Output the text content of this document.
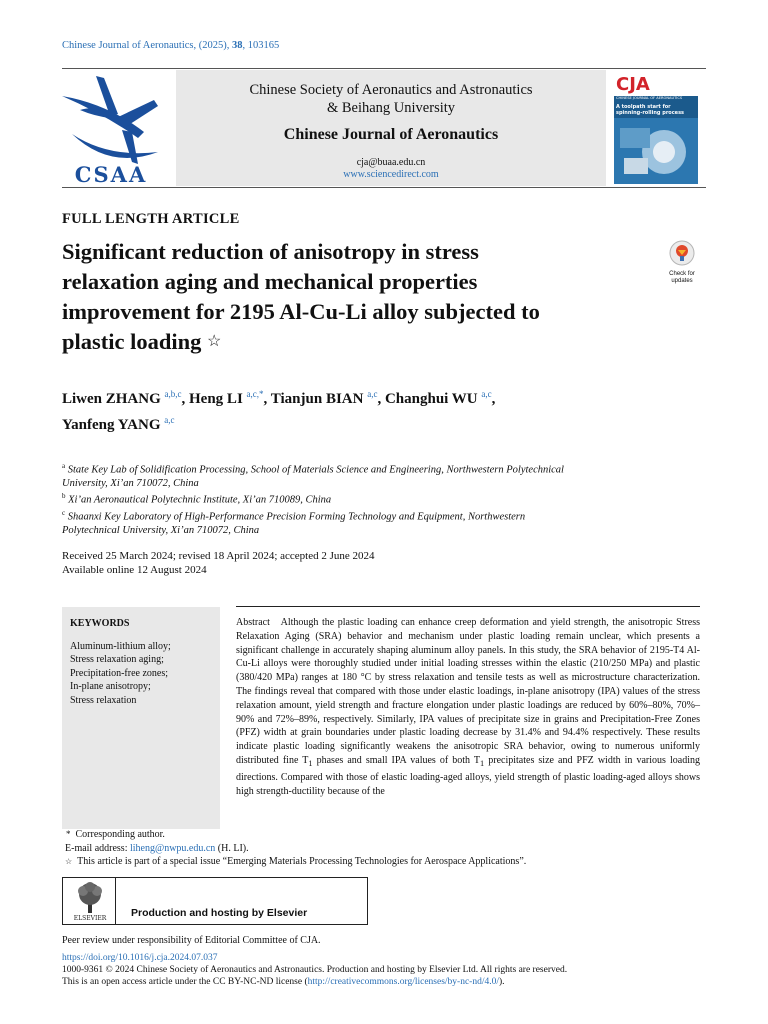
Chinese Journal of Aeronautics, (2025), 38, 103165
CSAA
Chinese Society of Aeronautics and Astronautics
& Beihang University
Chinese Journal of Aeronautics
cja@buaa.edu.cn
www.sciencedirect.com
CJA
CHINESE JOURNAL OF AERONAUTICS
A toolpath start for spinning-rolling process
FULL LENGTH ARTICLE
Significant reduction of anisotropy in stress
relaxation aging and mechanical properties
improvement for 2195 Al-Cu-Li alloy subjected to
plastic loading ☆
Check for
updates
Liwen ZHANG $^{a,b,c}$, Heng LI $^{a,c,*}$, Tianjun BIAN $^{a,c}$, Changhui WU $^{a,c}$,
Yanfeng YANG $^{a,c}$
$^a$ State Key Lab of Solidification Processing, School of Materials Science and Engineering, Northwestern Polytechnical
University, Xi’an 710072, China
$^b$ Xi’an Aeronautical Polytechnic Institute, Xi’an 710089, China
$^c$ Shaanxi Key Laboratory of High-Performance Precision Forming Technology and Equipment, Northwestern
Polytechnical University, Xi’an 710072, China
Received 25 March 2024; revised 18 April 2024; accepted 2 June 2024
Available online 12 August 2024
KEYWORDS
Aluminum-lithium alloy;
Stress relaxation aging;
Precipitation-free zones;
In-plane anisotropy;
Stress relaxation
Abstract Although the plastic loading can enhance creep deformation and yield strength, the anisotropic Stress Relaxation Aging (SRA) behavior and mechanism under plastic loading remain unclear, which presents a significant challenge in accurately shaping aluminum alloy panels. In this study, the SRA behavior of 2195-T4 Al-Cu-Li alloys were thoroughly studied under initial loading stresses within the elastic (210/250 MPa) and plastic (380/420 MPa) ranges at 180 °C by stress relaxation and tensile tests as well as microstructure characterization. The findings reveal that compared with those under elastic loadings, in-plane anisotropy (IPA) values of the stress relaxation amount, yield strength and fracture elongation under plastic loadings are reduced by 60%–80%, 70%–90% and 72%–89%, respectively. Similarly, IPA values of precipitate size in grains and Precipitation-Free Zones (PFZ) width at grain boundaries under plastic loading decrease by 31.4% and 94.4% respectively. These results indicate plastic loading significantly weakens the anisotropic SRA behavior, owing to numerous uniformly distributed fine $T_1$ phases and small IPA values of both $T_1$ precipitates size and PFZ width in various loading directions. Compared with those of elastic loading-aged alloys, yield strength of plastic loading-aged alloys shows high strength-ductility because of the
* Corresponding author.
E-mail address: liheng@nwpu.edu.cn (H. LI).
☆ This article is part of a special issue “Emerging Materials Processing Technologies for Aerospace Applications”.
ELSEVIER Production and hosting by Elsevier
Peer review under responsibility of Editorial Committee of CJA.
https://doi.org/10.1016/j.cja.2024.07.037
1000-9361 © 2024 Chinese Society of Aeronautics and Astronautics. Production and hosting by Elsevier Ltd. All rights are reserved.
This is an open access article under the CC BY-NC-ND license (http://creativecommons.org/licenses/by-nc-nd/4.0/).
